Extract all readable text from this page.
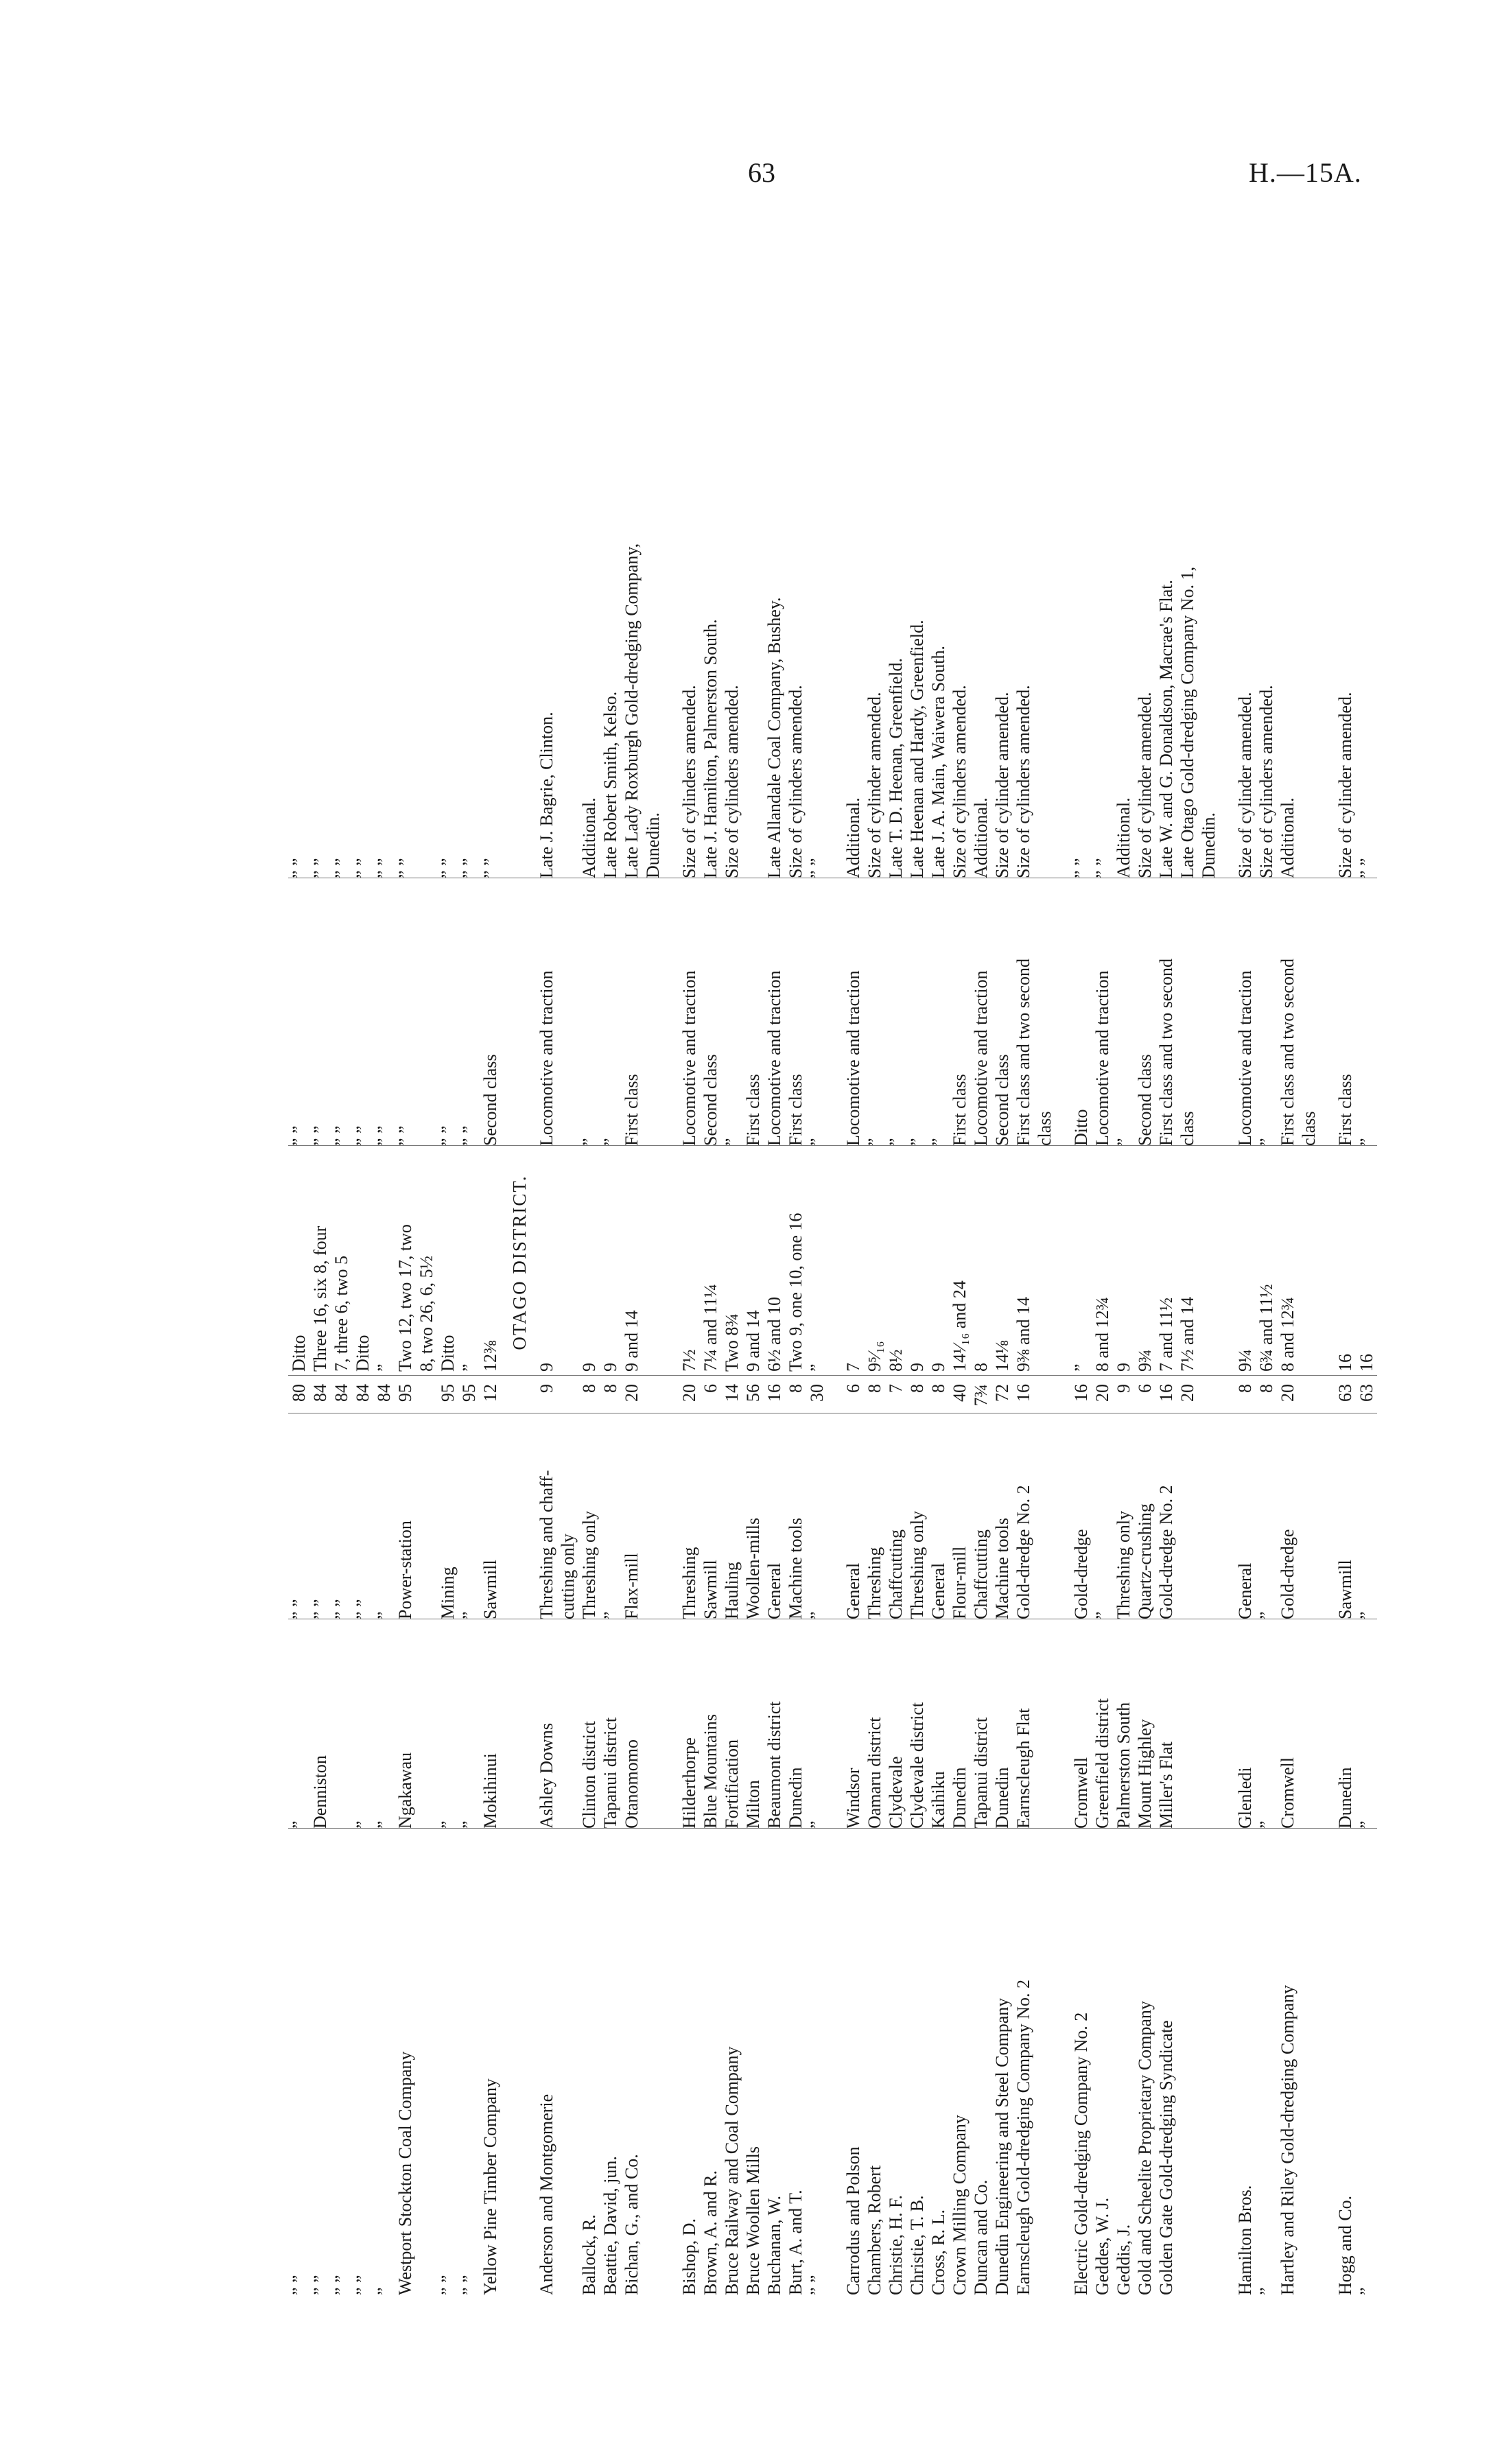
63	H.—15A.
” ”
”
” ”
80
Ditto
” ”
” ”
” ”
Denniston
” ”
84
Three 16, six 8, four
” ”
” ”
” ”

” ”
84
7, three 6, two 5
” ”
” ”
” ”
”
” ”
84
Ditto
” ”
” ”
”
”
”
84
”
” ”
” ”
Westport Stockton Coal Company
Ngakawau
Power-station
95
Two 12, two 17, two
” ”
” ”

8, two 26, 6, 5½

” ”
”
Mining
95
Ditto
” ”
” ”
” ”
”
”
95
”
” ”
” ”
Yellow Pine Timber Company
Mokihinui
Sawmill
12
12⅜
Second class
” ”
OTAGO DISTRICT.
Anderson and Montgomerie
Ashley Downs
Threshing and chaff-
9
9
Locomotive and traction
Late J. Bagrie, Clinton.

cutting only

Ballock, R.
Clinton district
Threshing only
8
9
”
Additional.
Beattie, David, jun.
Tapanui district
”
8
9
”
Late Robert Smith, Kelso.
Bichan, G., and Co.
Otanomomo
Flax-mill
20
9 and 14
First class
Late Lady Roxburgh Gold-dredging Company,

Dunedin.
Bishop, D.
Hilderthorpe
Threshing
20
7½
Locomotive and traction
Size of cylinders amended.
Brown, A. and R.
Blue Mountains
Sawmill
6
7¼ and 11¼
Second class
Late J. Hamilton, Palmerston South.
Bruce Railway and Coal Company
Fortification
Hauling
14
Two 8¾
”
Size of cylinders amended.
Bruce Woollen Mills
Milton
Woollen-mills
56
9 and 14
First class

Buchanan, W.
Beaumont district
General
16
6½ and 10
Locomotive and traction
Late Allandale Coal Company, Bushey.
Burt, A. and T.
Dunedin
Machine tools
8
Two 9, one 10, one 16
First class
Size of cylinders amended.
” ”
”
”
30
”
”
” ”
Carrodus and Polson
Windsor
General
6
7
Locomotive and traction
Additional.
Chambers, Robert
Oamaru district
Threshing
8
9⁵⁄₁₆
”
Size of cylinder amended.
Christie, H. F.
Clydevale
Chaffcutting
7
8½
”
Late T. D. Heenan, Greenfield.
Christie, T. B.
Clydevale district
Threshing only
8
9
”
Late Heenan and Hardy, Greenfield.
Cross, R. L.
Kaihiku
General
8
9
”
Late J. A. Main, Waiwera South.
Crown Milling Company
Dunedin
Flour-mill
40
14¹⁄₁₆ and 24
First class
Size of cylinders amended.
Duncan and Co.
Tapanui district
Chaffcutting
7¾
8
Locomotive and traction
Additional.
Dunedin Engineering and Steel Company
Dunedin
Machine tools
72
14⅛
Second class
Size of cylinder amended.
Earnscleugh Gold-dredging Company No. 2
Earnscleugh Flat
Gold-dredge No. 2
16
9⅜ and 14
First class and two second
Size of cylinders amended.

class

Electric Gold-dredging Company No. 2
Cromwell
Gold-dredge
16
”
Ditto
” ”
Geddes, W. J.
Greenfield district
”
20
8 and 12¾
Locomotive and traction
” ”
Geddis, J.
Palmerston South
Threshing only
9
9
”
Additional.
Gold and Scheelite Proprietary Company
Mount Highley
Quartz-crushing
6
9¾
Second class
Size of cylinder amended.
Golden Gate Gold-dredging Syndicate
Miller's Flat
Gold-dredge No. 2
16
7 and 11½
First class and two second
Late W. and G. Donaldson, Macrae's Flat.

20
7½ and 14
class
Late Otago Gold-dredging Company No. 1,

Dunedin.
Hamilton Bros.
Glenledi
General
8
9¼
Locomotive and traction
Size of cylinder amended.
”
”
”
8
6¾ and 11½
”
Size of cylinders amended.
Hartley and Riley Gold-dredging Company
Cromwell
Gold-dredge
20
8 and 12¾
First class and two second
Additional.

class

Hogg and Co.
Dunedin
Sawmill
63
16
First class
Size of cylinder amended.
”
”
”
63
16
”
” ”
